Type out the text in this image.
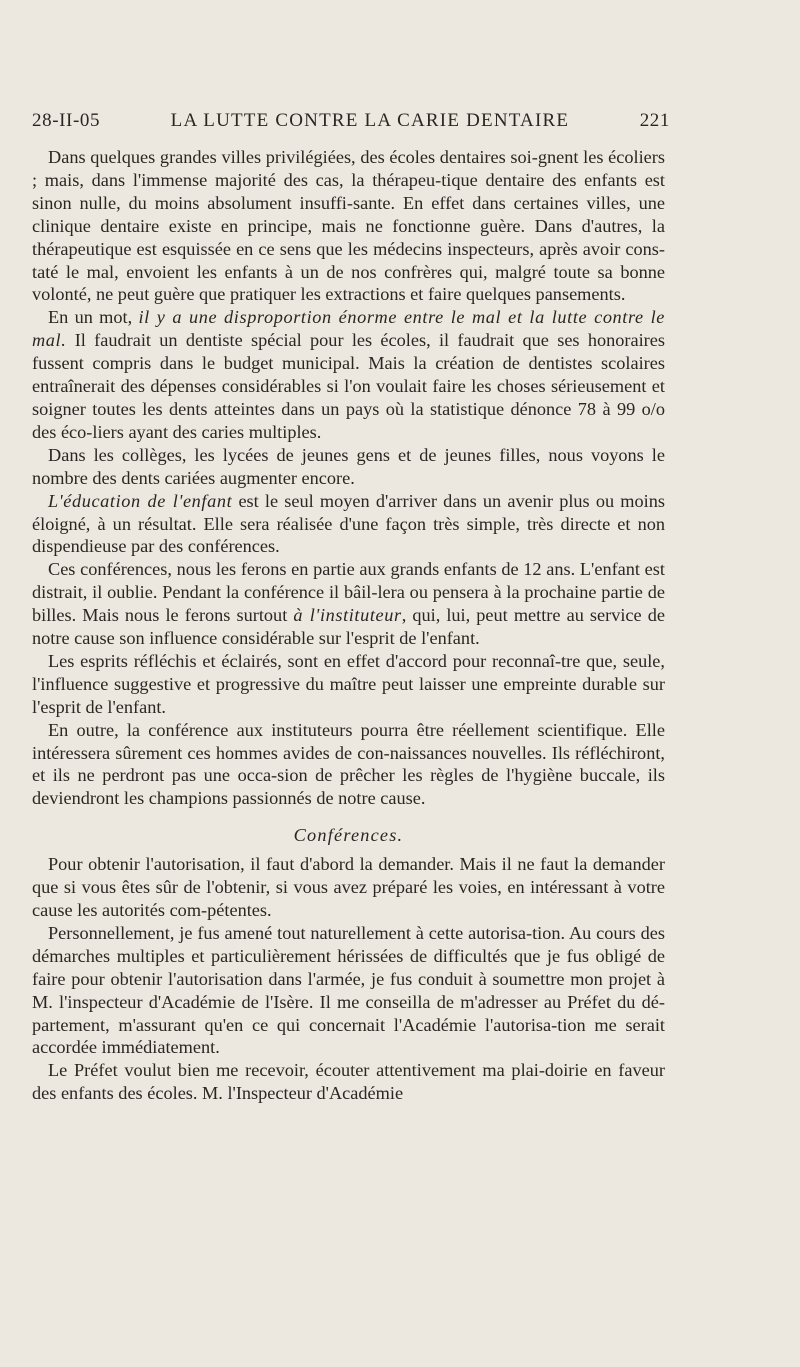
28-II-05	LA LUTTE CONTRE LA CARIE DENTAIRE	221

Dans quelques grandes villes privilégiées, des écoles dentaires soi-gnent les écoliers ; mais, dans l'immense majorité des cas, la thérapeu-tique dentaire des enfants est sinon nulle, du moins absolument insuffi-sante. En effet dans certaines villes, une clinique dentaire existe en principe, mais ne fonctionne guère. Dans d'autres, la thérapeutique est esquissée en ce sens que les médecins inspecteurs, après avoir cons-taté le mal, envoient les enfants à un de nos confrères qui, malgré toute sa bonne volonté, ne peut guère que pratiquer les extractions et faire quelques pansements.

En un mot, il y a une disproportion énorme entre le mal et la lutte contre le mal. Il faudrait un dentiste spécial pour les écoles, il faudrait que ses honoraires fussent compris dans le budget municipal. Mais la création de dentistes scolaires entraînerait des dépenses considérables si l'on voulait faire les choses sérieusement et soigner toutes les dents atteintes dans un pays où la statistique dénonce 78 à 99 o/o des éco-liers ayant des caries multiples.

Dans les collèges, les lycées de jeunes gens et de jeunes filles, nous voyons le nombre des dents cariées augmenter encore.

L'éducation de l'enfant est le seul moyen d'arriver dans un avenir plus ou moins éloigné, à un résultat. Elle sera réalisée d'une façon très simple, très directe et non dispendieuse par des conférences.

Ces conférences, nous les ferons en partie aux grands enfants de 12 ans. L'enfant est distrait, il oublie. Pendant la conférence il bâil-lera ou pensera à la prochaine partie de billes. Mais nous le ferons surtout à l'instituteur, qui, lui, peut mettre au service de notre cause son influence considérable sur l'esprit de l'enfant.

Les esprits réfléchis et éclairés, sont en effet d'accord pour reconnaî-tre que, seule, l'influence suggestive et progressive du maître peut laisser une empreinte durable sur l'esprit de l'enfant.

En outre, la conférence aux instituteurs pourra être réellement scientifique. Elle intéressera sûrement ces hommes avides de con-naissances nouvelles. Ils réfléchiront, et ils ne perdront pas une occa-sion de prêcher les règles de l'hygiène buccale, ils deviendront les champions passionnés de notre cause.

Conférences.

Pour obtenir l'autorisation, il faut d'abord la demander. Mais il ne faut la demander que si vous êtes sûr de l'obtenir, si vous avez préparé les voies, en intéressant à votre cause les autorités com-pétentes.

Personnellement, je fus amené tout naturellement à cette autorisa-tion. Au cours des démarches multiples et particulièrement hérissées de difficultés que je fus obligé de faire pour obtenir l'autorisation dans l'armée, je fus conduit à soumettre mon projet à M. l'inspecteur d'Académie de l'Isère. Il me conseilla de m'adresser au Préfet du dé-partement, m'assurant qu'en ce qui concernait l'Académie l'autorisa-tion me serait accordée immédiatement.

Le Préfet voulut bien me recevoir, écouter attentivement ma plai-doirie en faveur des enfants des écoles. M. l'Inspecteur d'Académie
